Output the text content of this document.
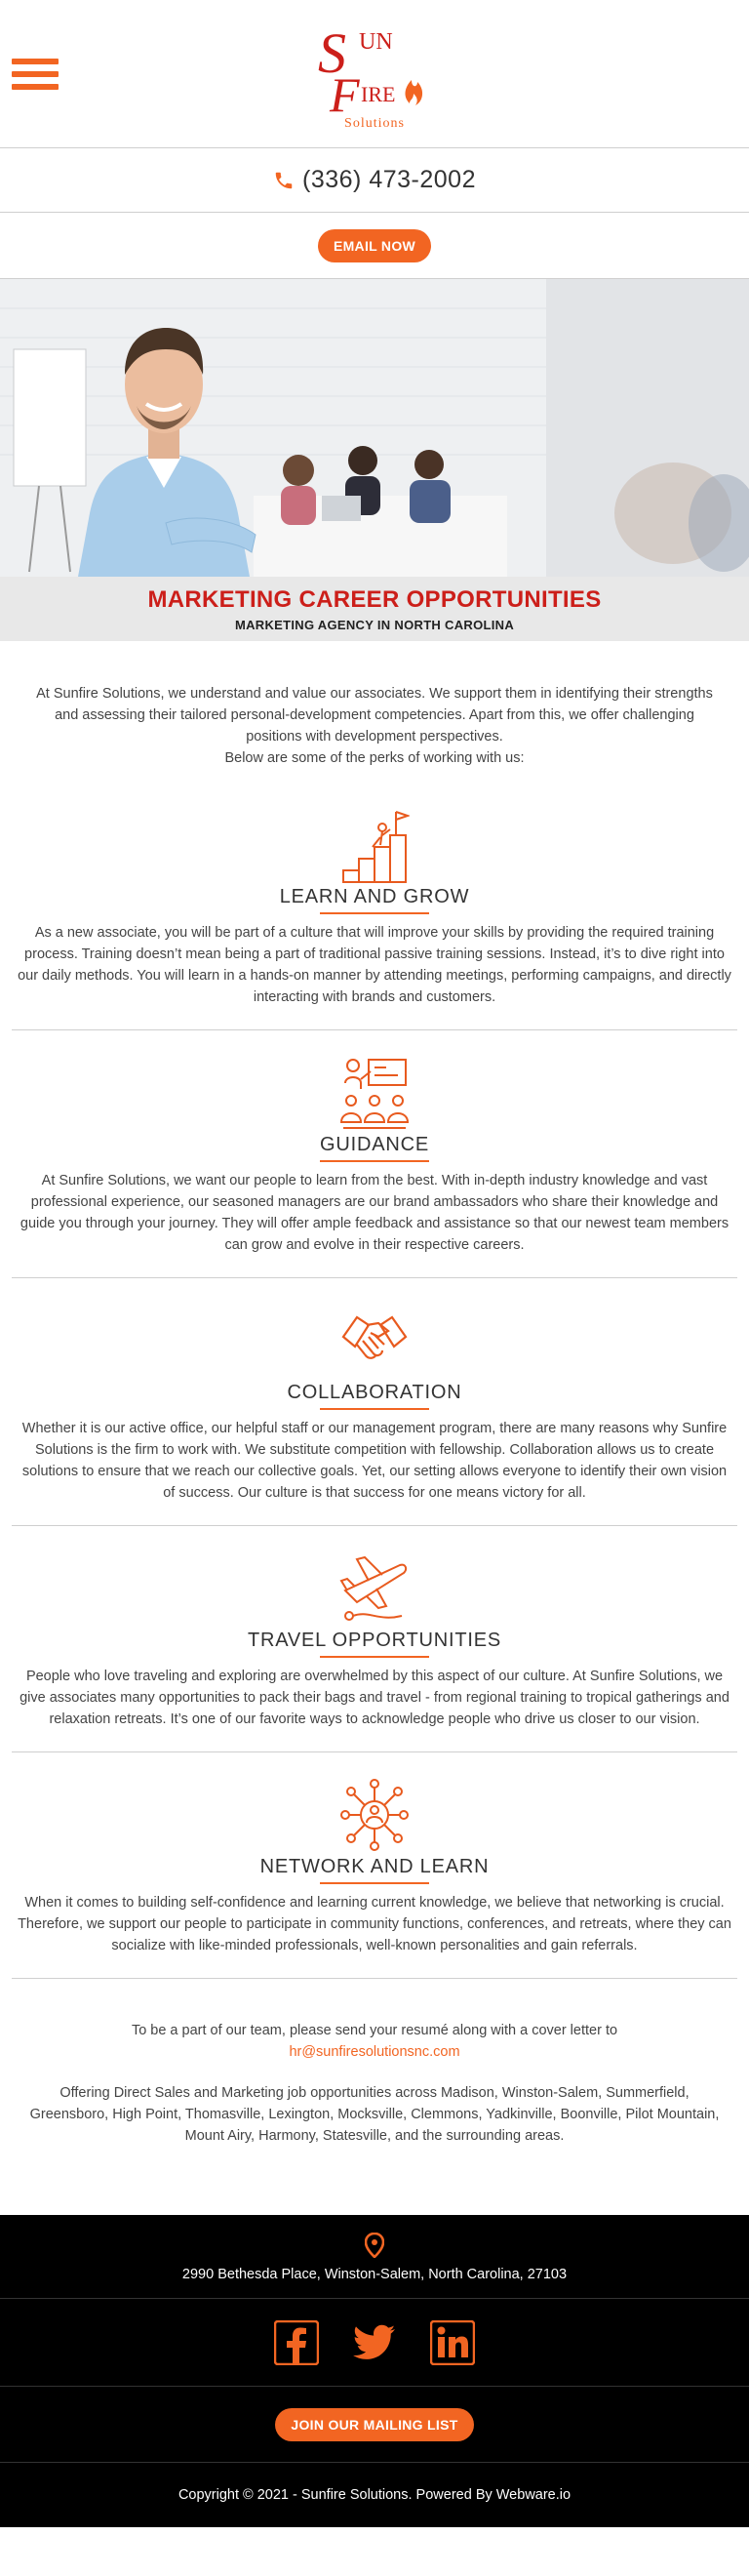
S UN
F IRE
Solutions
(336) 473-2002
EMAIL NOW
MARKETING CAREER OPPORTUNITIES
MARKETING AGENCY IN NORTH CAROLINA

At Sunfire Solutions, we understand and value our associates. We support them in identifying their strengths and assessing their tailored personal-development competencies. Apart from this, we offer challenging positions with development perspectives.

Below are some of the perks of working with us:

LEARN AND GROW

As a new associate, you will be part of a culture that will improve your skills by providing the required training process. Training doesn’t mean being a part of traditional passive training sessions. Instead, it’s to dive right into our daily methods. You will learn in a hands-on manner by attending meetings, performing campaigns, and directly interacting with brands and customers.

GUIDANCE

At Sunfire Solutions, we want our people to learn from the best. With in-depth industry knowledge and vast professional experience, our seasoned managers are our brand ambassadors who share their knowledge and guide you through your journey. They will offer ample feedback and assistance so that our newest team members can grow and evolve in their respective careers.

COLLABORATION

Whether it is our active office, our helpful staff or our management program, there are many reasons why Sunfire Solutions is the firm to work with. We substitute competition with fellowship. Collaboration allows us to create solutions to ensure that we reach our collective goals. Yet, our setting allows everyone to identify their own vision of success. Our culture is that success for one means victory for all.

TRAVEL OPPORTUNITIES

People who love traveling and exploring are overwhelmed by this aspect of our culture. At Sunfire Solutions, we give associates many opportunities to pack their bags and travel - from regional training to tropical gatherings and relaxation retreats. It’s one of our favorite ways to acknowledge people who drive us closer to our vision.

NETWORK AND LEARN

When it comes to building self-confidence and learning current knowledge, we believe that networking is crucial. Therefore, we support our people to participate in community functions, conferences, and retreats, where they can socialize with like-minded professionals, well-known personalities and gain referrals.

To be a part of our team, please send your resumé along with a cover letter to

hr@sunfiresolutionsnc.com

Offering Direct Sales and Marketing job opportunities across Madison, Winston-Salem, Summerfield, Greensboro, High Point, Thomasville, Lexington, Mocksville, Clemmons, Yadkinville, Boonville, Pilot Mountain, Mount Airy, Harmony, Statesville, and the surrounding areas.

2990 Bethesda Place, Winston-Salem, North Carolina, 27103
JOIN OUR MAILING LIST
Copyright © 2021 - Sunfire Solutions. Powered By Webware.io
